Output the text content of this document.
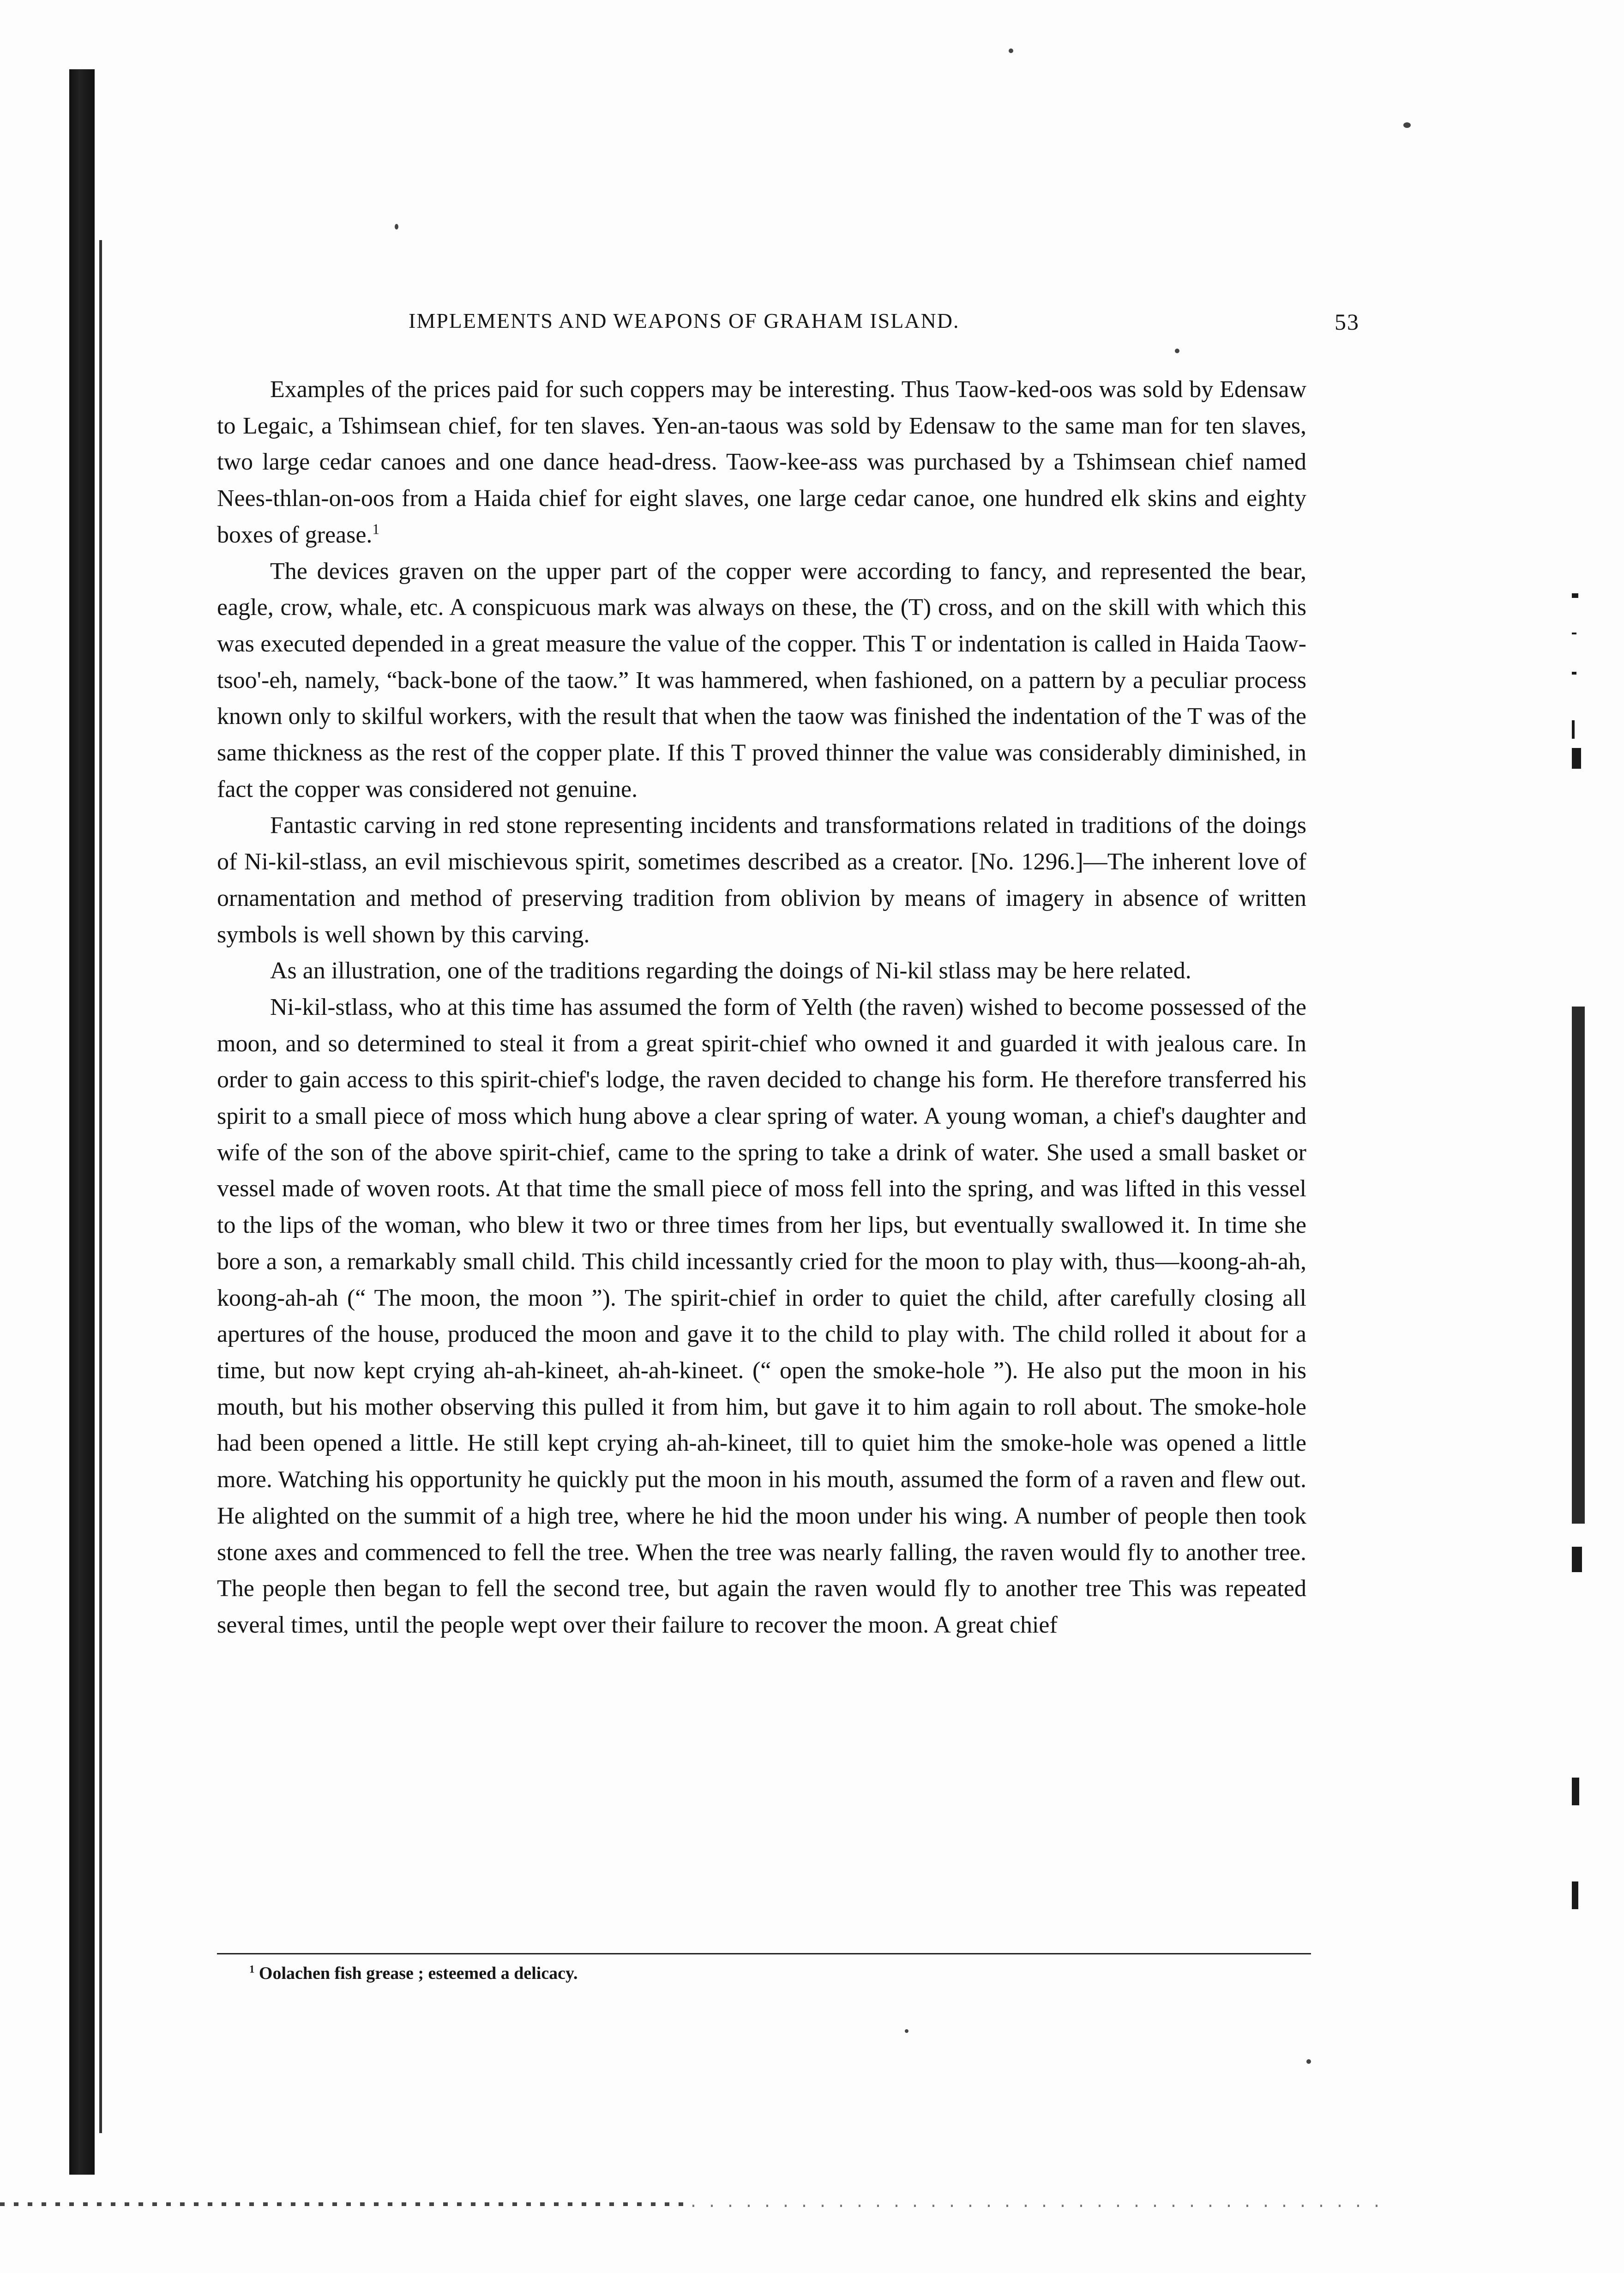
IMPLEMENTS AND WEAPONS OF GRAHAM ISLAND.	53

Examples of the prices paid for such coppers may be interesting. Thus Taow-ked-oos was sold by Edensaw to Legaic, a Tshimsean chief, for ten slaves. Yen-an-taous was sold by Edensaw to the same man for ten slaves, two large cedar canoes and one dance head-dress. Taow-kee-ass was purchased by a Tshimsean chief named Nees-thlan-on-oos from a Haida chief for eight slaves, one large cedar canoe, one hundred elk skins and eighty boxes of grease.$^1$

The devices graven on the upper part of the copper were according to fancy, and represented the bear, eagle, crow, whale, etc. A conspicuous mark was always on these, the (T) cross, and on the skill with which this was executed depended in a great measure the value of the copper. This T or indentation is called in Haida Taow-tsoo'-eh, namely, “back-bone of the taow.” It was hammered, when fashioned, on a pattern by a peculiar process known only to skilful workers, with the result that when the taow was finished the indentation of the T was of the same thickness as the rest of the copper plate. If this T proved thinner the value was considerably diminished, in fact the copper was considered not genuine.

Fantastic carving in red stone representing incidents and transformations related in traditions of the doings of Ni-kil-stlass, an evil mischievous spirit, sometimes described as a creator. [No. 1296.]—The inherent love of ornamentation and method of preserving tradition from oblivion by means of imagery in absence of written symbols is well shown by this carving.

As an illustration, one of the traditions regarding the doings of Ni-kil stlass may be here related.

Ni-kil-stlass, who at this time has assumed the form of Yelth (the raven) wished to become possessed of the moon, and so determined to steal it from a great spirit-chief who owned it and guarded it with jealous care. In order to gain access to this spirit-chief's lodge, the raven decided to change his form. He therefore transferred his spirit to a small piece of moss which hung above a clear spring of water. A young woman, a chief's daughter and wife of the son of the above spirit-chief, came to the spring to take a drink of water. She used a small basket or vessel made of woven roots. At that time the small piece of moss fell into the spring, and was lifted in this vessel to the lips of the woman, who blew it two or three times from her lips, but eventually swallowed it. In time she bore a son, a remarkably small child. This child incessantly cried for the moon to play with, thus—koong-ah-ah, koong-ah-ah (“ The moon, the moon ”). The spirit-chief in order to quiet the child, after carefully closing all apertures of the house, produced the moon and gave it to the child to play with. The child rolled it about for a time, but now kept crying ah-ah-kineet, ah-ah-kineet. (“ open the smoke-hole ”). He also put the moon in his mouth, but his mother observing this pulled it from him, but gave it to him again to roll about. The smoke-hole had been opened a little. He still kept crying ah-ah-kineet, till to quiet him the smoke-hole was opened a little more. Watching his opportunity he quickly put the moon in his mouth, assumed the form of a raven and flew out. He alighted on the summit of a high tree, where he hid the moon under his wing. A number of people then took stone axes and commenced to fell the tree. When the tree was nearly falling, the raven would fly to another tree. The people then began to fell the second tree, but again the raven would fly to another tree This was repeated several times, until the people wept over their failure to recover the moon. A great chief

$^1$ Oolachen fish grease ; esteemed a delicacy.
